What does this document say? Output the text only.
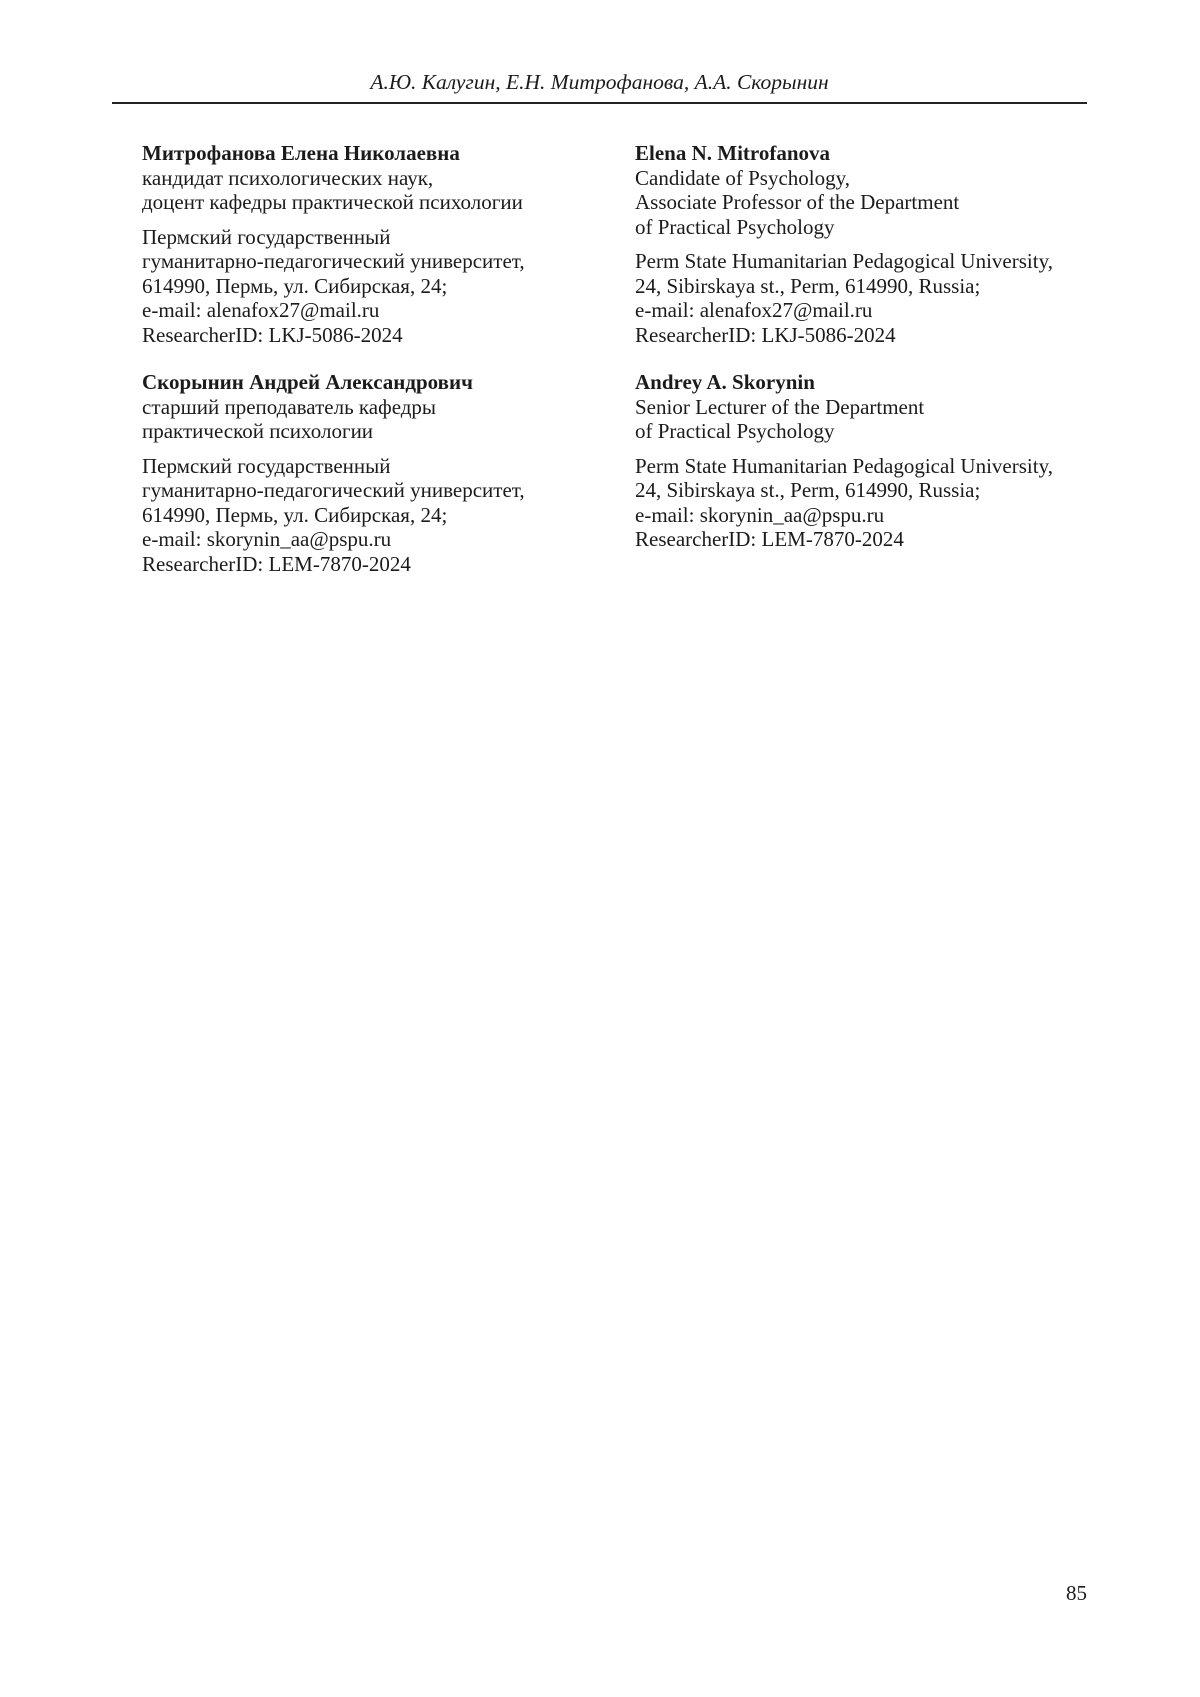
А.Ю. Калугин, Е.Н. Митрофанова, А.А. Скорынин
Митрофанова Елена Николаевна
кандидат психологических наук,
доцент кафедры практической психологии
Пермский государственный
гуманитарно-педагогический университет,
614990, Пермь, ул. Сибирская, 24;
e-mail: alenafox27@mail.ru
ResearcherID: LKJ-5086-2024
Скорынин Андрей Александрович
старший преподаватель кафедры
практической психологии
Пермский государственный
гуманитарно-педагогический университет,
614990, Пермь, ул. Сибирская, 24;
e-mail: skorynin_aa@pspu.ru
ResearcherID: LEM-7870-2024
Elena N. Mitrofanova
Candidate of Psychology,
Associate Professor of the Department
of Practical Psychology
Perm State Humanitarian Pedagogical University,
24, Sibirskaya st., Perm, 614990, Russia;
e-mail: alenafox27@mail.ru
ResearcherID: LKJ-5086-2024
Andrey A. Skorynin
Senior Lecturer of the Department
of Practical Psychology
Perm State Humanitarian Pedagogical University,
24, Sibirskaya st., Perm, 614990, Russia;
e-mail: skorynin_aa@pspu.ru
ResearcherID: LEM-7870-2024
85
